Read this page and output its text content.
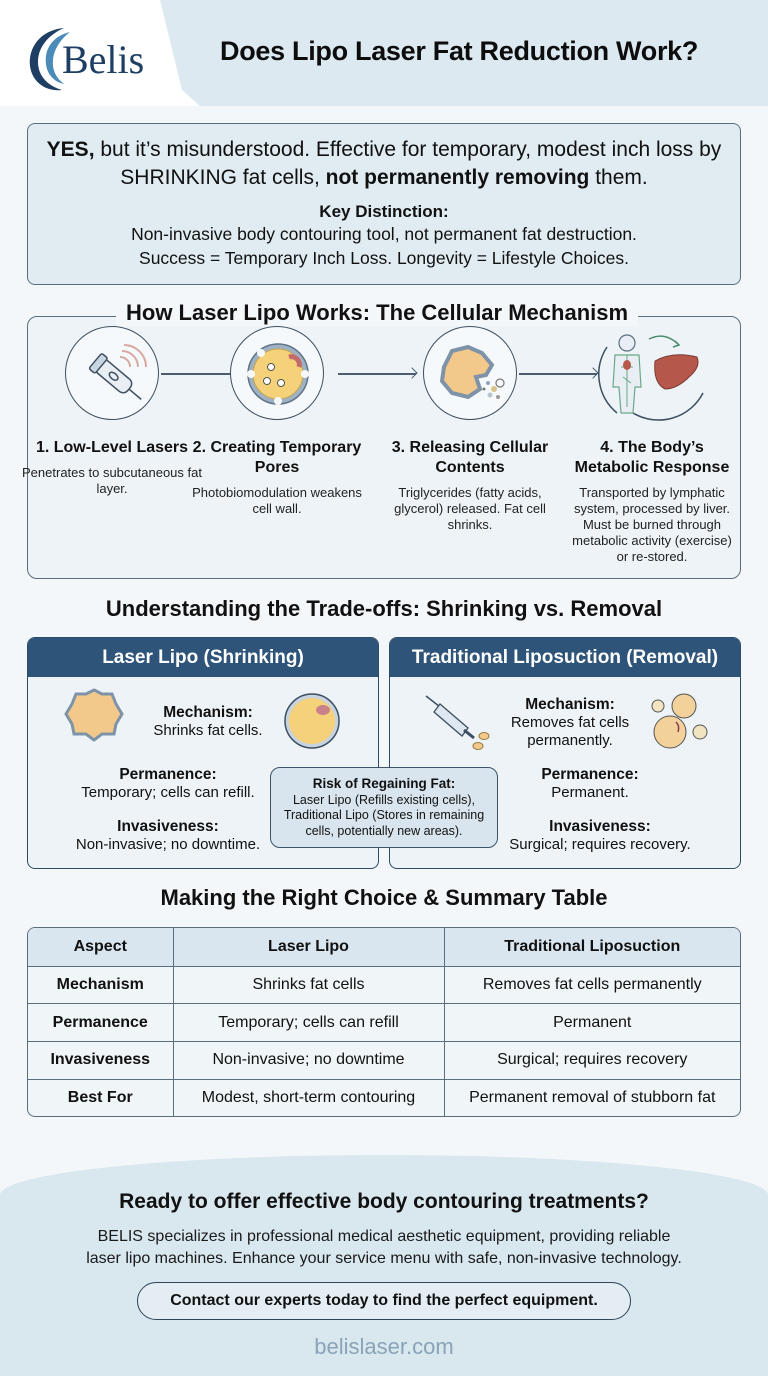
Belis	Does Lipo Laser Fat Reduction Work?

YES, but it’s misunderstood. Effective for temporary, modest inch loss by SHRINKING fat cells, not permanently removing them.

Key Distinction:

Non-invasive body contouring tool, not permanent fat destruction.

Success = Temporary Inch Loss. Longevity = Lifestyle Choices.

How Laser Lipo Works: The Cellular Mechanism

1. Low-Level Lasers

Penetrates to subcutaneous fat layer.

2. Creating Temporary Pores

Photobiomodulation weakens cell wall.

3. Releasing Cellular Contents

Triglycerides (fatty acids, glycerol) released. Fat cell shrinks.

4. The Body’s Metabolic Response

Transported by lymphatic system, processed by liver. Must be burned through metabolic activity (exercise) or re-stored.

Understanding the Trade-offs: Shrinking vs. Removal
Laser Lipo (Shrinking)
Mechanism:
Shrinks fat cells.
Permanence:
Temporary; cells can refill.
Invasiveness:
Non-invasive; no downtime.
Traditional Liposuction (Removal)
Mechanism:
Removes fat cells permanently.
Permanence:
Permanent.
Invasiveness:
Surgical; requires recovery.
Risk of Regaining Fat:
Laser Lipo (Refills existing cells),
Traditional Lipo (Stores in remaining
cells, potentially new areas).
Making the Right Choice & Summary Table
Aspect	Laser Lipo	Traditional Liposuction
Mechanism	Shrinks fat cells	Removes fat cells permanently
Permanence	Temporary; cells can refill	Permanent
Invasiveness	Non-invasive; no downtime	Surgical; requires recovery
Best For	Modest, short-term contouring	Permanent removal of stubborn fat
Ready to offer effective body contouring treatments?

BELIS specializes in professional medical aesthetic equipment, providing reliable
laser lipo machines. Enhance your service menu with safe, non-invasive technology.

Contact our experts today to find the perfect equipment.
belislaser.com
